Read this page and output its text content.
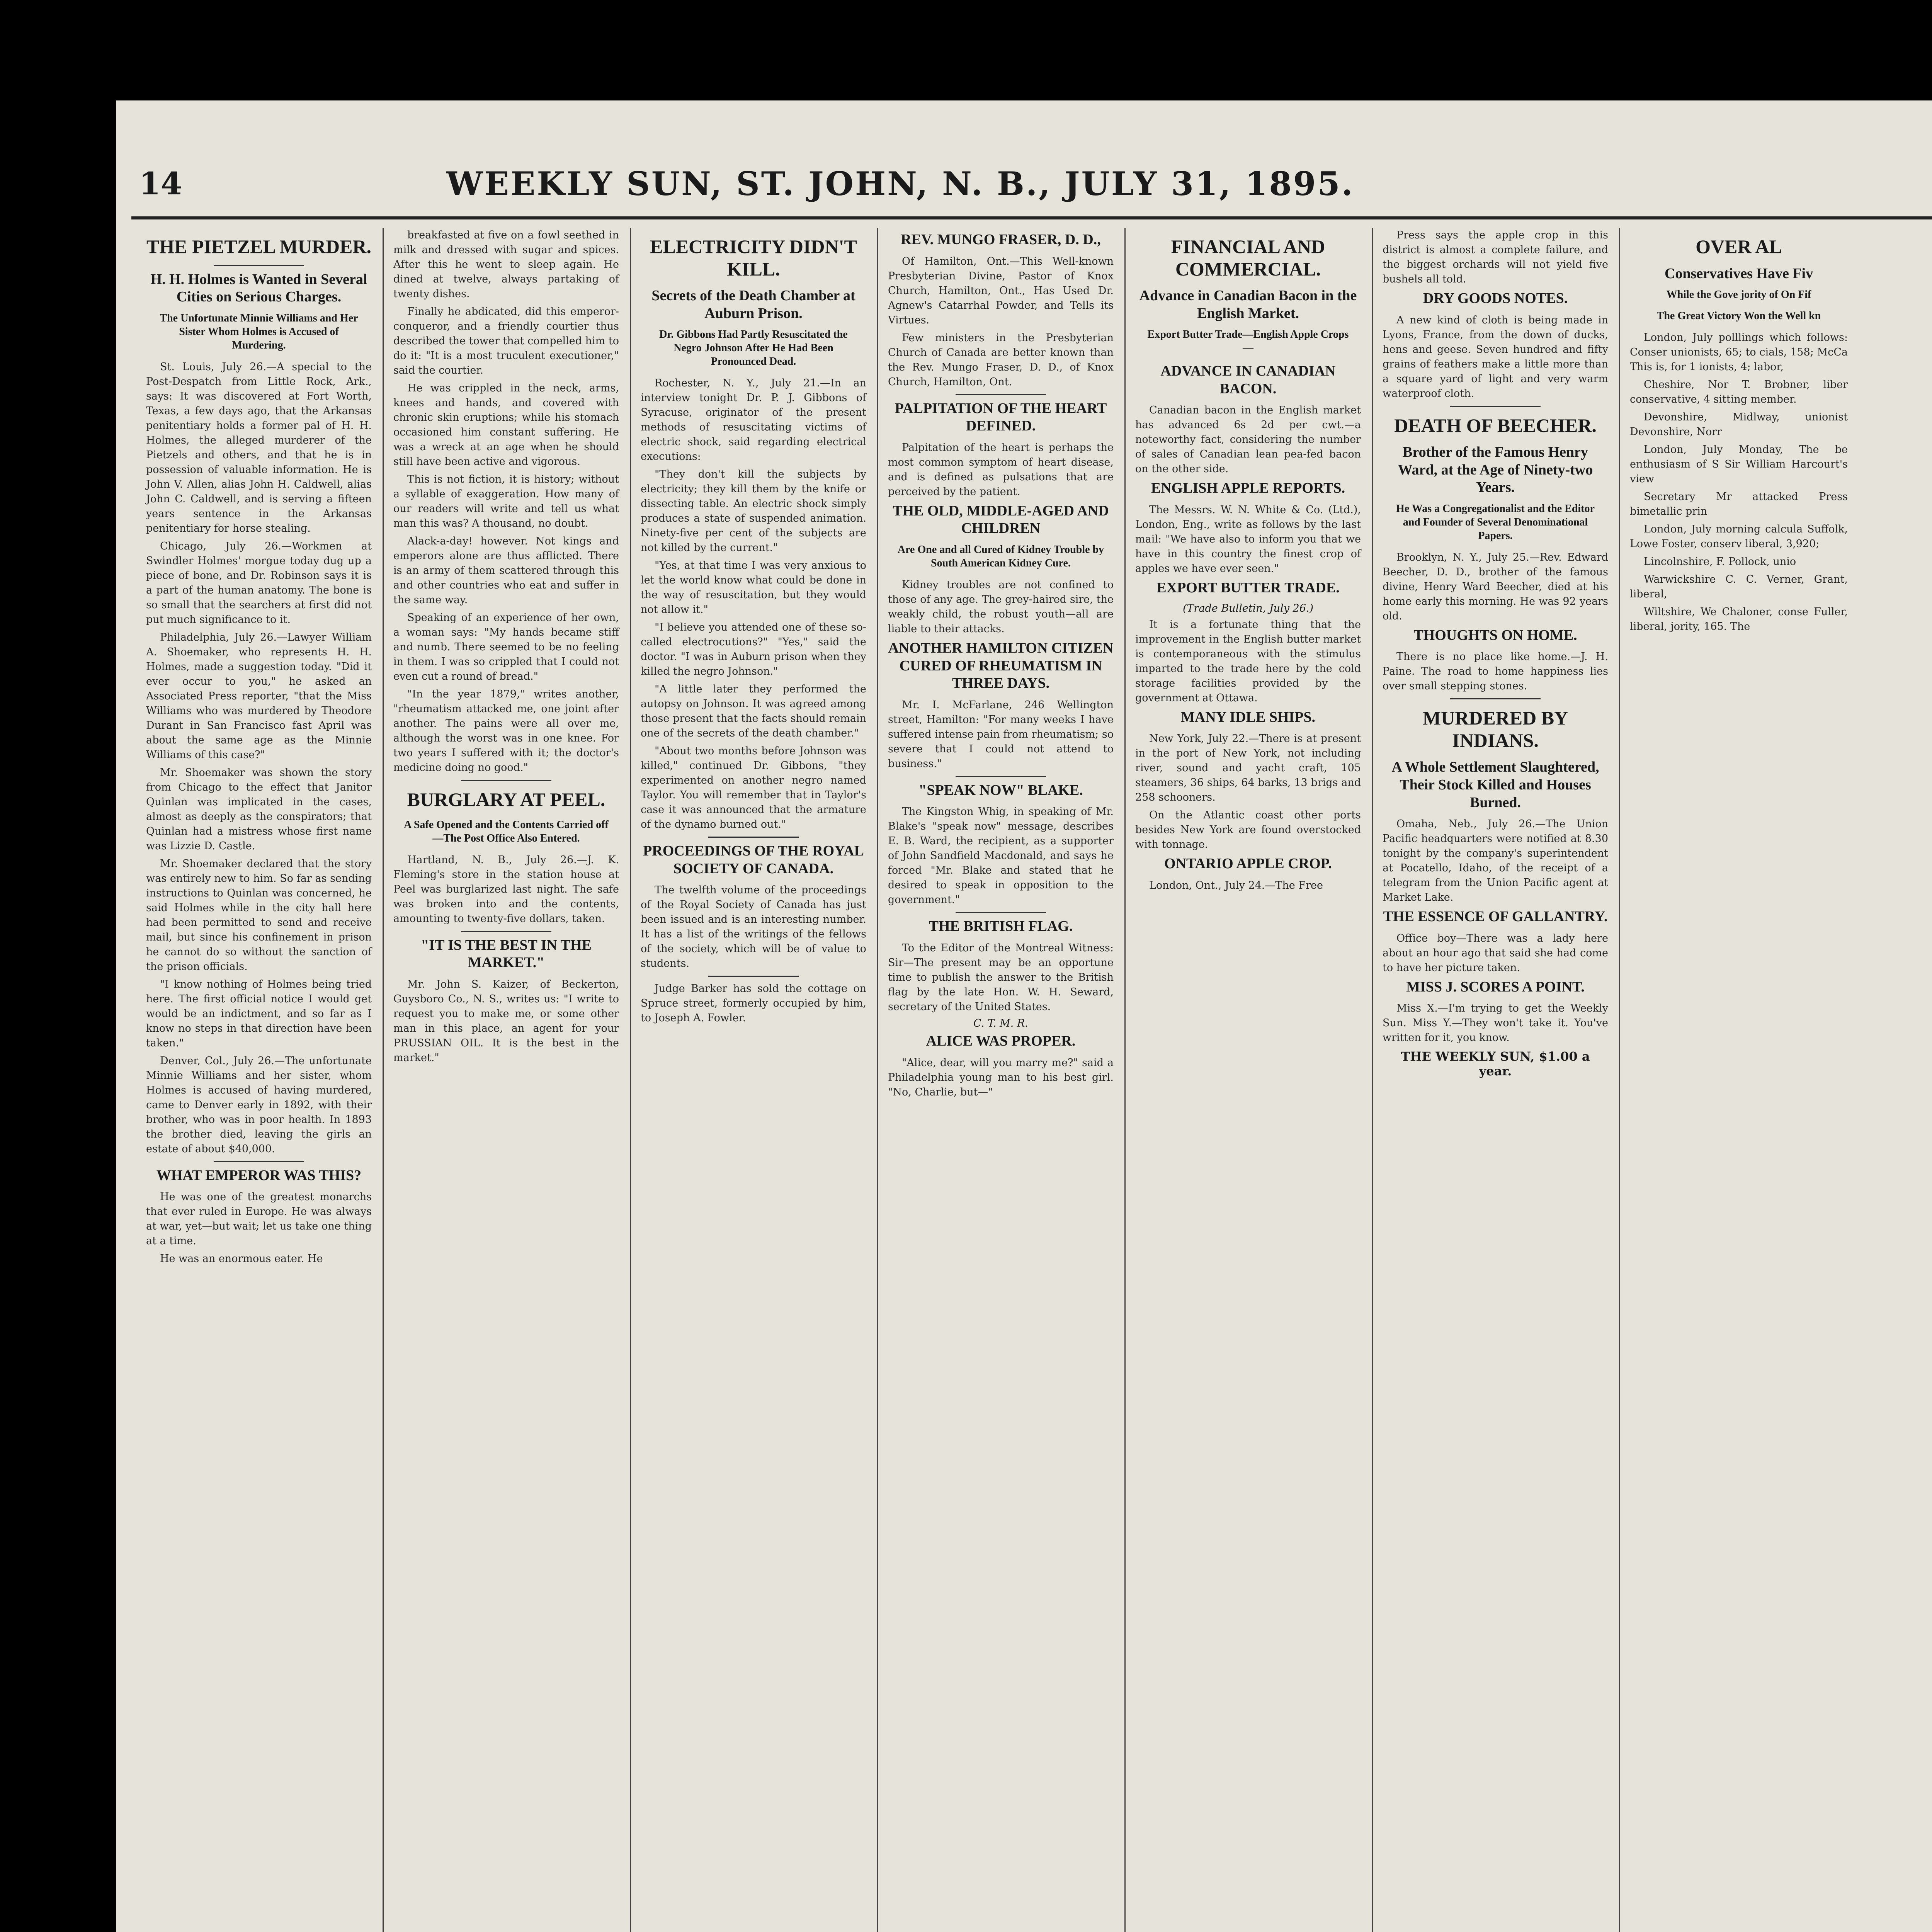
14	WEEKLY SUN, ST. JOHN, N. B., JULY 31, 1895.
THE PIETZEL MURDER.
H. H. Holmes is Wanted in Several Cities on Serious Charges.
The Unfortunate Minnie Williams and Her Sister Whom Holmes is Accused of Murdering.

St. Louis, July 26.—A special to the Post-Despatch from Little Rock, Ark., says: It was discovered at Fort Worth, Texas, a few days ago, that the Arkansas penitentiary holds a former pal of H. H. Holmes, the alleged murderer of the Pietzels and others, and that he is in possession of valuable information. He is John V. Allen, alias John H. Caldwell, alias John C. Caldwell, and is serving a fifteen years sentence in the Arkansas penitentiary for horse stealing.

Chicago, July 26.—Workmen at Swindler Holmes' morgue today dug up a piece of bone, and Dr. Robinson says it is a part of the human anatomy. The bone is so small that the searchers at first did not put much significance to it.

Philadelphia, July 26.—Lawyer William A. Shoemaker, who represents H. H. Holmes, made a suggestion today. "Did it ever occur to you," he asked an Associated Press reporter, "that the Miss Williams who was murdered by Theodore Durant in San Francisco fast April was about the same age as the Minnie Williams of this case?"

Mr. Shoemaker was shown the story from Chicago to the effect that Janitor Quinlan was implicated in the cases, almost as deeply as the conspirators; that Quinlan had a mistress whose first name was Lizzie D. Castle.

Mr. Shoemaker declared that the story was entirely new to him. So far as sending instructions to Quinlan was concerned, he said Holmes while in the city hall here had been permitted to send and receive mail, but since his confinement in prison he cannot do so without the sanction of the prison officials.

"I know nothing of Holmes being tried here. The first official notice I would get would be an indictment, and so far as I know no steps in that direction have been taken."

Denver, Col., July 26.—The unfortunate Minnie Williams and her sister, whom Holmes is accused of having murdered, came to Denver early in 1892, with their brother, who was in poor health. In 1893 the brother died, leaving the girls an estate of about $40,000.

WHAT EMPEROR WAS THIS?

He was one of the greatest monarchs that ever ruled in Europe. He was always at war, yet—but wait; let us take one thing at a time.

He was an enormous eater. He

breakfasted at five on a fowl seethed in milk and dressed with sugar and spices. After this he went to sleep again. He dined at twelve, always partaking of twenty dishes.

Finally he abdicated, did this emperor-conqueror, and a friendly courtier thus described the tower that compelled him to do it: "It is a most truculent executioner," said the courtier.

He was crippled in the neck, arms, knees and hands, and covered with chronic skin eruptions; while his stomach occasioned him constant suffering. He was a wreck at an age when he should still have been active and vigorous.

This is not fiction, it is history; without a syllable of exaggeration. How many of our readers will write and tell us what man this was? A thousand, no doubt.

Alack-a-day! however. Not kings and emperors alone are thus afflicted. There is an army of them scattered through this and other countries who eat and suffer in the same way.

Speaking of an experience of her own, a woman says: "My hands became stiff and numb. There seemed to be no feeling in them. I was so crippled that I could not even cut a round of bread."

"In the year 1879," writes another, "rheumatism attacked me, one joint after another. The pains were all over me, although the worst was in one knee. For two years I suffered with it; the doctor's medicine doing no good."

BURGLARY AT PEEL.
A Safe Opened and the Contents Carried off—The Post Office Also Entered.

Hartland, N. B., July 26.—J. K. Fleming's store in the station house at Peel was burglarized last night. The safe was broken into and the contents, amounting to twenty-five dollars, taken.

"IT IS THE BEST IN THE MARKET."

Mr. John S. Kaizer, of Beckerton, Guysboro Co., N. S., writes us: "I write to request you to make me, or some other man in this place, an agent for your PRUSSIAN OIL. It is the best in the market."

ELECTRICITY DIDN'T KILL.
Secrets of the Death Chamber at Auburn Prison.
Dr. Gibbons Had Partly Resuscitated the Negro Johnson After He Had Been Pronounced Dead.

Rochester, N. Y., July 21.—In an interview tonight Dr. P. J. Gibbons of Syracuse, originator of the present methods of resuscitating victims of electric shock, said regarding electrical executions:

"They don't kill the subjects by electricity; they kill them by the knife or dissecting table. An electric shock simply produces a state of suspended animation. Ninety-five per cent of the subjects are not killed by the current."

"Yes, at that time I was very anxious to let the world know what could be done in the way of resuscitation, but they would not allow it."

"I believe you attended one of these so-called electrocutions?" "Yes," said the doctor. "I was in Auburn prison when they killed the negro Johnson."

"A little later they performed the autopsy on Johnson. It was agreed among those present that the facts should remain one of the secrets of the death chamber."

"About two months before Johnson was killed," continued Dr. Gibbons, "they experimented on another negro named Taylor. You will remember that in Taylor's case it was announced that the armature of the dynamo burned out."

PROCEEDINGS OF THE ROYAL SOCIETY OF CANADA.

The twelfth volume of the proceedings of the Royal Society of Canada has just been issued and is an interesting number. It has a list of the writings of the fellows of the society, which will be of value to students.

Judge Barker has sold the cottage on Spruce street, formerly occupied by him, to Joseph A. Fowler.

REV. MUNGO FRASER, D. D.,

Of Hamilton, Ont.—This Well-known Presbyterian Divine, Pastor of Knox Church, Hamilton, Ont., Has Used Dr. Agnew's Catarrhal Powder, and Tells its Virtues.

Few ministers in the Presbyterian Church of Canada are better known than the Rev. Mungo Fraser, D. D., of Knox Church, Hamilton, Ont.

PALPITATION OF THE HEART DEFINED.

Palpitation of the heart is perhaps the most common symptom of heart disease, and is defined as pulsations that are perceived by the patient.

THE OLD, MIDDLE-AGED AND CHILDREN
Are One and all Cured of Kidney Trouble by South American Kidney Cure.

Kidney troubles are not confined to those of any age. The grey-haired sire, the weakly child, the robust youth—all are liable to their attacks.

ANOTHER HAMILTON CITIZEN CURED OF RHEUMATISM IN THREE DAYS.

Mr. I. McFarlane, 246 Wellington street, Hamilton: "For many weeks I have suffered intense pain from rheumatism; so severe that I could not attend to business."

"SPEAK NOW" BLAKE.

The Kingston Whig, in speaking of Mr. Blake's "speak now" message, describes E. B. Ward, the recipient, as a supporter of John Sandfield Macdonald, and says he forced "Mr. Blake and stated that he desired to speak in opposition to the government."

THE BRITISH FLAG.

To the Editor of the Montreal Witness: Sir—The present may be an opportune time to publish the answer to the British flag by the late Hon. W. H. Seward, secretary of the United States.

C. T. M. R.
ALICE WAS PROPER.

"Alice, dear, will you marry me?" said a Philadelphia young man to his best girl. "No, Charlie, but—"

FINANCIAL AND COMMERCIAL.
Advance in Canadian Bacon in the English Market.
Export Butter Trade—English Apple Crops—
ADVANCE IN CANADIAN BACON.

Canadian bacon in the English market has advanced 6s 2d per cwt.—a noteworthy fact, considering the number of sales of Canadian lean pea-fed bacon on the other side.

ENGLISH APPLE REPORTS.

The Messrs. W. N. White & Co. (Ltd.), London, Eng., write as follows by the last mail: "We have also to inform you that we have in this country the finest crop of apples we have ever seen."

EXPORT BUTTER TRADE.
(Trade Bulletin, July 26.)

It is a fortunate thing that the improvement in the English butter market is contemporaneous with the stimulus imparted to the trade here by the cold storage facilities provided by the government at Ottawa.

MANY IDLE SHIPS.

New York, July 22.—There is at present in the port of New York, not including river, sound and yacht craft, 105 steamers, 36 ships, 64 barks, 13 brigs and 258 schooners.

On the Atlantic coast other ports besides New York are found overstocked with tonnage.

ONTARIO APPLE CROP.

London, Ont., July 24.—The Free

Press says the apple crop in this district is almost a complete failure, and the biggest orchards will not yield five bushels all told.

DRY GOODS NOTES.

A new kind of cloth is being made in Lyons, France, from the down of ducks, hens and geese. Seven hundred and fifty grains of feathers make a little more than a square yard of light and very warm waterproof cloth.

DEATH OF BEECHER.
Brother of the Famous Henry Ward, at the Age of Ninety-two Years.
He Was a Congregationalist and the Editor and Founder of Several Denominational Papers.

Brooklyn, N. Y., July 25.—Rev. Edward Beecher, D. D., brother of the famous divine, Henry Ward Beecher, died at his home early this morning. He was 92 years old.

THOUGHTS ON HOME.

There is no place like home.—J. H. Paine. The road to home happiness lies over small stepping stones.

MURDERED BY INDIANS.
A Whole Settlement Slaughtered, Their Stock Killed and Houses Burned.

Omaha, Neb., July 26.—The Union Pacific headquarters were notified at 8.30 tonight by the company's superintendent at Pocatello, Idaho, of the receipt of a telegram from the Union Pacific agent at Market Lake.

THE ESSENCE OF GALLANTRY.

Office boy—There was a lady here about an hour ago that said she had come to have her picture taken.

MISS J. SCORES A POINT.

Miss X.—I'm trying to get the Weekly Sun. Miss Y.—They won't take it. You've written for it, you know.

THE WEEKLY SUN, $1.00 a year.
OVER AL
Conservatives Have Fiv
While the Gove jority of On Fif
The Great Victory Won the Well kn

London, July polllings which follows: Conser unionists, 65; to cials, 158; McCa This is, for 1 ionists, 4; labor,

Cheshire, Nor T. Brobner, liber conservative, 4 sitting member.

Devonshire, Midlway, unionist Devonshire, Norr

London, July Monday, The be enthusiasm of S Sir William Harcourt's view

Secretary Mr attacked Press bimetallic prin

London, July morning calcula Suffolk, Lowe Foster, conserv liberal, 3,920;

Lincolnshire, F. Pollock, unio

Warwickshire C. C. Verner, Grant, liberal,

Wiltshire, We Chaloner, conse Fuller, liberal, jority, 165. The
